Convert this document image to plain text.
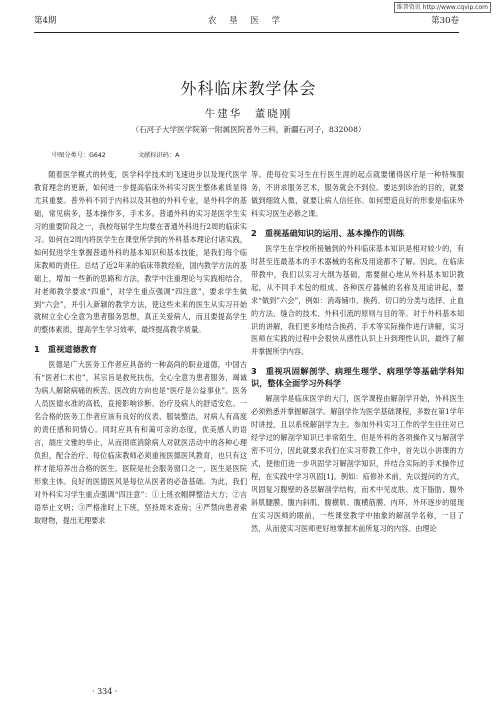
维普资讯 http://www.cqvip.com
第4期	农 垦 医 学	第30卷
外科临床教学体会
牛建华　董晓刚
（石河子大学医学院第一附属医院普外三科，新疆石河子，832008）
中图分类号：G642	文献标识码：A

随着医学模式的转变，医学科学技术的飞速进步以及现代医学教育理念的更新，如何进一步提高临床外科实习医生整体素质显得尤其重要。普外科不同于内科以及其他的外科专业，是外科学的基础，常见病多，基本操作多，手术多。普通外科的实习是医学生实习的重要阶段之一，我校每届学生均要在普通外科进行2周的临床实习。如何在2周内将医学生在课堂所学到的外科基本理论付诸实践，如何促进学生掌握普通外科的基本知识和基本技能，是我们每个临床教师的责任。总结了近2年来的临床带教经验，国内教学方法的基础上，增加一些新的思路和方法，教学中注重理论与实践相结合，对老师教学要求“四重”，对学生重点强调“四注意”，要求学生做到“六会”，并引入新颖的教学方法，使这些未来的医生从实习开始就树立全心全意为患者服务思想，真正关爱病人，而且要提高学生的整体素质，提高学生学习效率，最终提高教学质量。

1　重视道德教育

医德是广大医务工作者应具备的一种高尚的职业道德，中国古有“医者仁术也”，其宗旨是救死扶伤，全心全意为患者服务，竭诚为病人解除病痛的疾苦。医改的方向也是“医疗是公益事业”。医务人员医德水准的高低，直接影响诊断、治疗及病人的舒适安危。一名合格的医务工作者应该有良好的仪表、服装整洁，对病人有高度的责任感和同情心。同时应具有和蔼可亲的态度，优美感人的语言，端庄文雅的举止，从而彻底消除病人对就医活动中的各种心理负担，配合治疗。每位临床教师必须重视医德医风教育，也只有这样才能培养出合格的医生。医院是社会服务窗口之一，医生是医院形象主体。良好的医德医风是每位从医者的必备基础。为此，我们对外科实习学生重点强调“四注意”：①上班衣帽牌整洁大方；②言语举止文明；③严格准时上下班，坚持周末查房；④严禁向患者索取财物，提出无理要求

等。使每位实习生在行医生涯的起点就要懂得医疗是一种特殊服务，不讲求服务艺术，服务就会不到位。要达到诊治的目的，就要做到细致入微，就要让病人信任你。如何塑造良好的形象是临床外科实习医生必修之课。

2　重视基础知识的运用、基本操作的训练

医学生在学校所接触到的外科临床基本知识是相对较少的，有时甚至连最基本的手术器械的名称及用途都不了解。因此，在临床带教中，我们以实习大纲为基础，需要耐心地从外科基本知识教起，从不同手术包的组成、各种医疗器械的名称及用途讲起，要求“做到”六会”，例如：消毒铺巾、换药、切口的分类与选择、止血的方法、缝合的技术、外科引流的原则与目的等。对于外科基本知识的讲解，我们更多地结合换药、手术等实际操作进行讲解，实习医师在实践的过程中会很快从感性认识上升到理性认识，最终了解并掌握所学内容。

3　重视巩固解剖学、病理生理学、病理学等基础学科知识，整体全面学习外科学

解剖学是临床医学的大门，医学课程由解剖学开始，外科医生必须熟悉并掌握解剖学。解剖学作为医学基础课程，多数在第1学年时讲授，且以系统解剖学为主。参加外科实习工作的学生往往对已经学过的解剖学知识已非常陌生，但是外科的各项操作又与解剖学密不可分，因此就要求我们在实习带教工作中，首先以小讲课的方式，使他们进一步巩固学习解剖学知识，并结合实际的手术操作过程，在实践中学习巩固[1]。例如：疝修补术前，先以提问的方式，巩固复习腹壁的各层解剖学结构，而术中见皮肤、皮下脂肪、腹外斜肌腱膜、腹内斜肌、腹横肌、腹横筋膜、内环、外环逐步的展现在实习医师的眼前，一些课堂教学中抽象的解剖学名称，一目了然，从而使实习医师更好地掌握术前所复习的内容。由理论

· 334 ·
